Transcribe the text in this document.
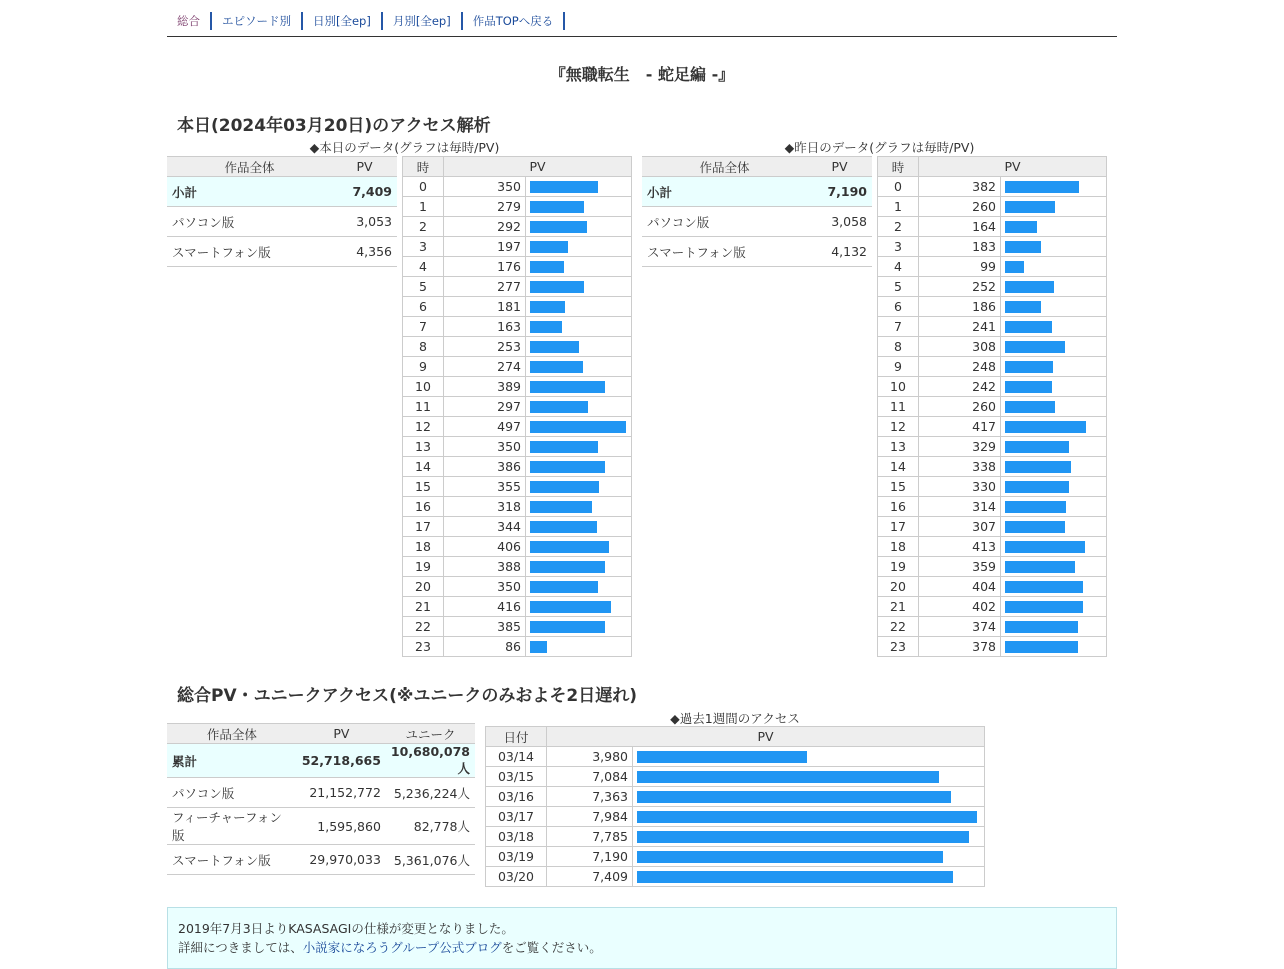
総合 エピソード別 日別[全ep] 月別[全ep] 作品TOPへ戻る
『無職転生　- 蛇足編 -』
本日(2024年03月20日)のアクセス解析
◆本日のデータ(グラフは毎時/PV)	◆昨日のデータ(グラフは毎時/PV)
作品全体	PV
小計	7,409
パソコン版	3,053
スマートフォン版	4,356
時	PV	
0	350	

1	279	

2	292	

3	197	

4	176	

5	277	

6	181	

7	163	

8	253	

9	274	

10	389	

11	297	

12	497	

13	350	

14	386	

15	355	

16	318	

17	344	

18	406	

19	388	

20	350	

21	416	

22	385	

23	86	
作品全体	PV
小計	7,190
パソコン版	3,058
スマートフォン版	4,132
時	PV	
0	382	

1	260	

2	164	

3	183	

4	99	

5	252	

6	186	

7	241	

8	308	

9	248	

10	242	

11	260	

12	417	

13	329	

14	338	

15	330	

16	314	

17	307	

18	413	

19	359	

20	404	

21	402	

22	374	

23	378	
総合PV・ユニークアクセス(※ユニークのみおよそ2日遅れ)
作品全体	PV	ユニーク
累計	52,718,665	10,680,078人
パソコン版	21,152,772	5,236,224人
フィーチャーフォン版	1,595,860	82,778人
スマートフォン版	29,970,033	5,361,076人
◆過去1週間のアクセス
日付	PV	
03/14	3,980	

03/15	7,084	

03/16	7,363	

03/17	7,984	

03/18	7,785	

03/19	7,190	

03/20	7,409	

2019年7月3日よりKASASAGIの仕様が変更となりました。

詳細につきましては、小説家になろうグループ公式ブログをご覧ください。
